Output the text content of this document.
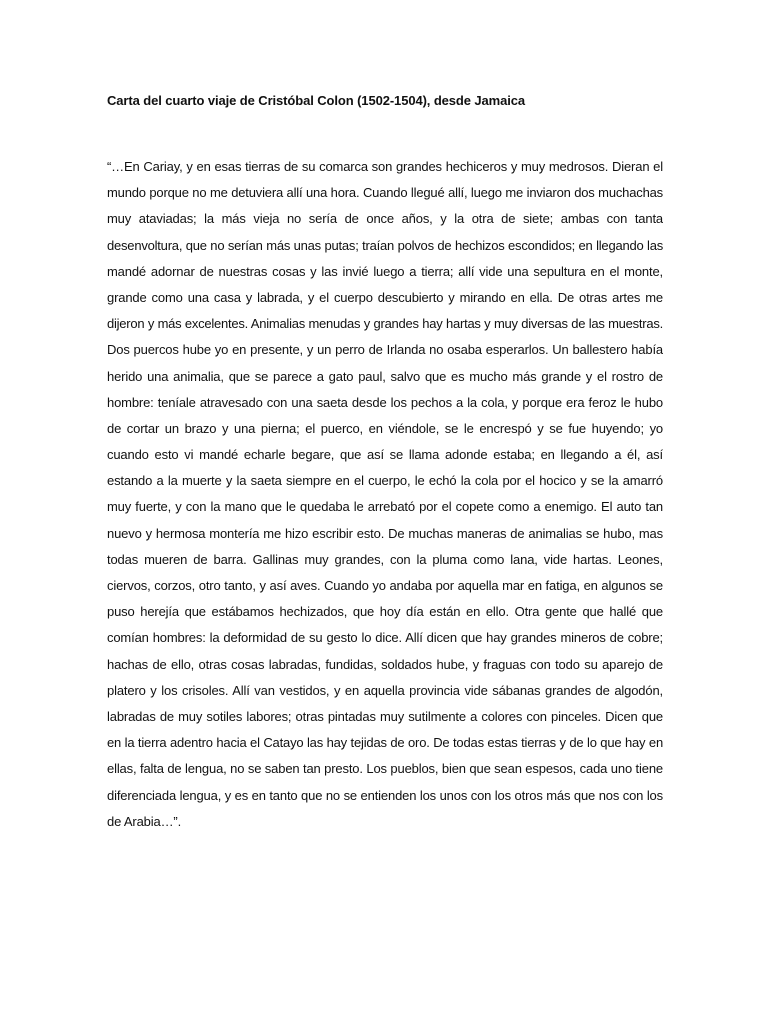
Carta del cuarto viaje de Cristóbal Colon (1502-1504), desde Jamaica
“…En Cariay, y en esas tierras de su comarca son grandes hechiceros y muy medrosos. Dieran el
mundo porque no me detuviera allí una hora. Cuando llegué allí, luego me inviaron dos muchachas
muy ataviadas; la más vieja no sería de once años, y la otra de siete; ambas con tanta
desenvoltura, que no serían más unas putas; traían polvos de hechizos escondidos; en llegando las
mandé adornar de nuestras cosas y las invié luego a tierra; allí vide una sepultura en el monte,
grande como una casa y labrada, y el cuerpo descubierto y mirando en ella. De otras artes me
dijeron y más excelentes. Animalias menudas y grandes hay hartas y muy diversas de las muestras.
Dos puercos hube yo en presente, y un perro de Irlanda no osaba esperarlos. Un ballestero había
herido una animalia, que se parece a gato paul, salvo que es mucho más grande y el rostro de
hombre: teníale atravesado con una saeta desde los pechos a la cola, y porque era feroz le hubo
de cortar un brazo y una pierna; el puerco, en viéndole, se le encrespó y se fue huyendo; yo
cuando esto vi mandé echarle begare, que así se llama adonde estaba; en llegando a él, así
estando a la muerte y la saeta siempre en el cuerpo, le echó la cola por el hocico y se la amarró
muy fuerte, y con la mano que le quedaba le arrebató por el copete como a enemigo. El auto tan
nuevo y hermosa montería me hizo escribir esto. De muchas maneras de animalias se hubo, mas
todas mueren de barra. Gallinas muy grandes, con la pluma como lana, vide hartas. Leones,
ciervos, corzos, otro tanto, y así aves. Cuando yo andaba por aquella mar en fatiga, en algunos se
puso herejía que estábamos hechizados, que hoy día están en ello. Otra gente que hallé que
comían hombres: la deformidad de su gesto lo dice. Allí dicen que hay grandes mineros de cobre;
hachas de ello, otras cosas labradas, fundidas, soldados hube, y fraguas con todo su aparejo de
platero y los crisoles. Allí van vestidos, y en aquella provincia vide sábanas grandes de algodón,
labradas de muy sotiles labores; otras pintadas muy sutilmente a colores con pinceles. Dicen que
en la tierra adentro hacia el Catayo las hay tejidas de oro. De todas estas tierras y de lo que hay en
ellas, falta de lengua, no se saben tan presto. Los pueblos, bien que sean espesos, cada uno tiene
diferenciada lengua, y es en tanto que no se entienden los unos con los otros más que nos con los
de Arabia…”.
